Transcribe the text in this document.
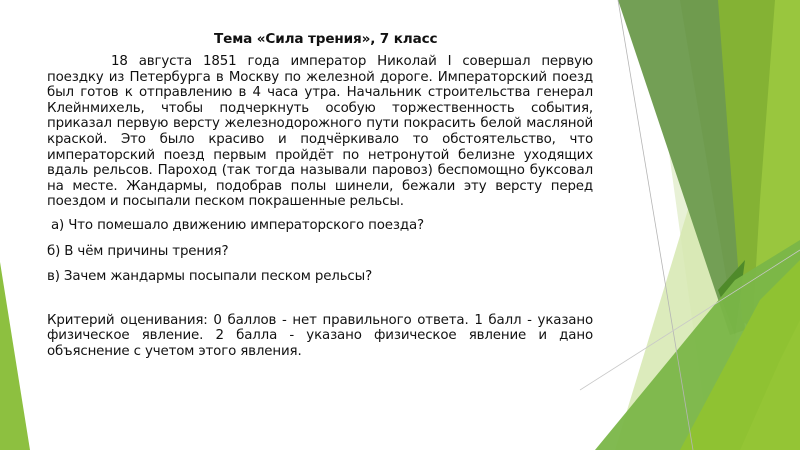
Тема «Сила трения», 7 класс

18 августа 1851 года император Николай I совершал первую поездку из Петербурга в Москву по железной дороге. Императорский поезд был готов к отправлению в 4 часа утра. Начальник строительства генерал Клейнмихель, чтобы подчеркнуть особую торжественность события, приказал первую версту железнодорожного пути покрасить белой масляной краской. Это было красиво и подчёркивало то обстоятельство, что императорский поезд первым пройдёт по нетронутой белизне уходящих вдаль рельсов. Пароход (так тогда называли паровоз) беспомощно буксовал на месте. Жандармы, подобрав полы шинели, бежали эту версту перед поездом и посыпали песком покрашенные рельсы.

а) Что помешало движению императорского поезда?
б) В чём причины трения?
в) Зачем жандармы посыпали песком рельсы?

Критерий оценивания: 0 баллов - нет правильного ответа. 1 балл - указано физическое явление. 2 балла - указано физическое явление и дано объяснение с учетом этого явления.
